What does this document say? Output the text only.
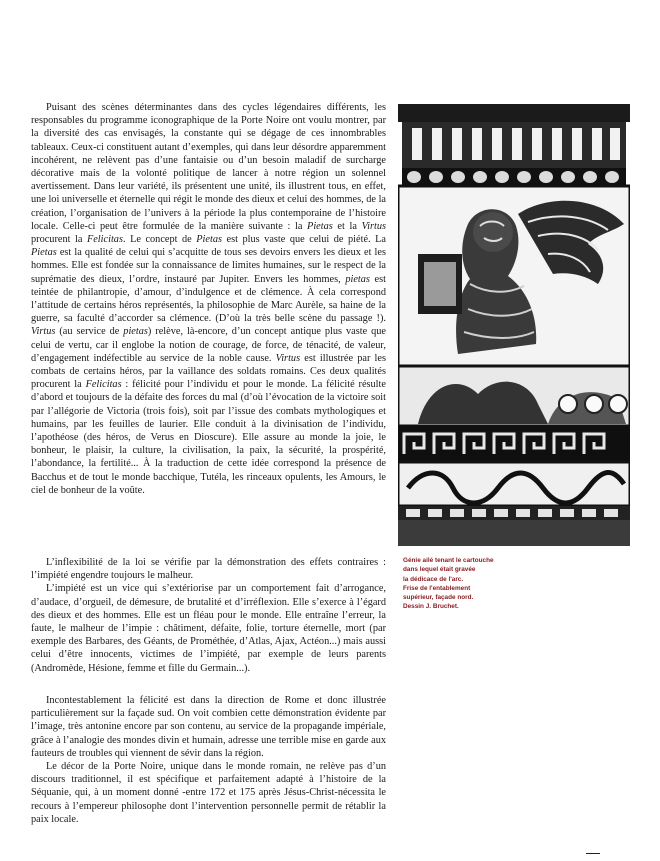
Puisant des scènes déterminantes dans des cycles légendaires différents, les responsables du programme iconographique de la Porte Noire ont voulu montrer, par la diversité des cas envisagés, la constante qui se dégage de ces innombrables tableaux. Ceux-ci constituent autant d’exemples, qui dans leur désordre apparemment incohérent, ne relèvent pas d’une fantaisie ou d’un besoin maladif de surcharge décorative mais de la volonté politique de lancer à notre région un solennel avertissement. Dans leur variété, ils présentent une unité, ils illustrent tous, en effet, une loi universelle et éternelle qui régit le monde des dieux et celui des hommes, de la création, l’organisation de l’univers à la période la plus contemporaine de l’histoire locale. Celle-ci peut être formulée de la manière suivante : la Pietas et la Virtus procurent la Felicitas. Le concept de Pietas est plus vaste que celui de piété. La Pietas est la qualité de celui qui s’acquitte de tous ses devoirs envers les dieux et les hommes. Elle est fondée sur la connaissance de limites humaines, sur le respect de la suprématie des dieux, l’ordre, instauré par Jupiter. Envers les hommes, pietas est teintée de philantropie, d’amour, d’indulgence et de clémence. À cela correspond l’attitude de certains héros représentés, la philosophie de Marc Aurèle, sa haine de la guerre, sa faculté d’accorder sa clémence. (D’où la très belle scène du passage !). Virtus (au service de pietas) relève, là-encore, d’un concept antique plus vaste que celui de vertu, car il englobe la notion de courage, de force, de ténacité, de valeur, d’engagement indéfectible au service de la noble cause. Virtus est illustrée par les combats de certains héros, par la vaillance des soldats romains. Ces deux qualités procurent la Felicitas : félicité pour l’individu et pour le monde. La félicité résulte d’abord et toujours de la défaite des forces du mal (d’où l’évocation de la victoire soit par l’allégorie de Victoria (trois fois), soit par l’issue des combats mythologiques et humains, par les feuilles de laurier. Elle conduit à la divinisation de l’individu, l’apothéose (des héros, de Verus en Dioscure). Elle assure au monde la joie, le bonheur, le plaisir, la culture, la civilisation, la paix, la sécurité, la prospérité, l’abondance, la fertilité... À la traduction de cette idée correspond la présence de Bacchus et de tout le monde bacchique, Tutéla, les rinceaux opulents, les Amours, le ciel de bonheur de la voûte.

L’inflexibilité de la loi se vérifie par la démonstration des effets contraires : l’impiété engendre toujours le malheur.

L’impiété est un vice qui s’extériorise par un comportement fait d’arrogance, d’audace, d’orgueil, de démesure, de brutalité et d’irréflexion. Elle s’exerce à l’égard des dieux et des hommes. Elle est un fléau pour le monde. Elle entraîne l’erreur, la faute, le malheur de l’impie : châtiment, défaite, folie, torture éternelle, mort (par exemple des Barbares, des Géants, de Prométhée, d’Atlas, Ajax, Actéon...) mais aussi celui d’être innocents, victimes de l’impiété, par exemple de leurs parents (Andromède, Hésione, femme et fille du Germain...).

Incontestablement la félicité est dans la direction de Rome et donc illustrée particulièrement sur la façade sud. On voit combien cette démonstration évidente par l’image, très antonine encore par son contenu, au service de la propagande impériale, grâce à l’analogie des mondes divin et humain, adresse une terrible mise en garde aux fauteurs de troubles qui viennent de sévir dans la région.

Le décor de la Porte Noire, unique dans le monde romain, ne relève pas d’un discours traditionnel, il est spécifique et parfaitement adapté à l’histoire de la Séquanie, qui, à un moment donné -entre 172 et 175 après Jésus-Christ-nécessita le recours à l’empereur philosophe dont l’intervention personnelle permit de rétablir la paix locale.

Génie ailé tenant le cartouche
dans lequel était gravée
la dédicace de l'arc.
Frise de l'entablement
supérieur, façade nord.
Dessin J. Bruchet.
